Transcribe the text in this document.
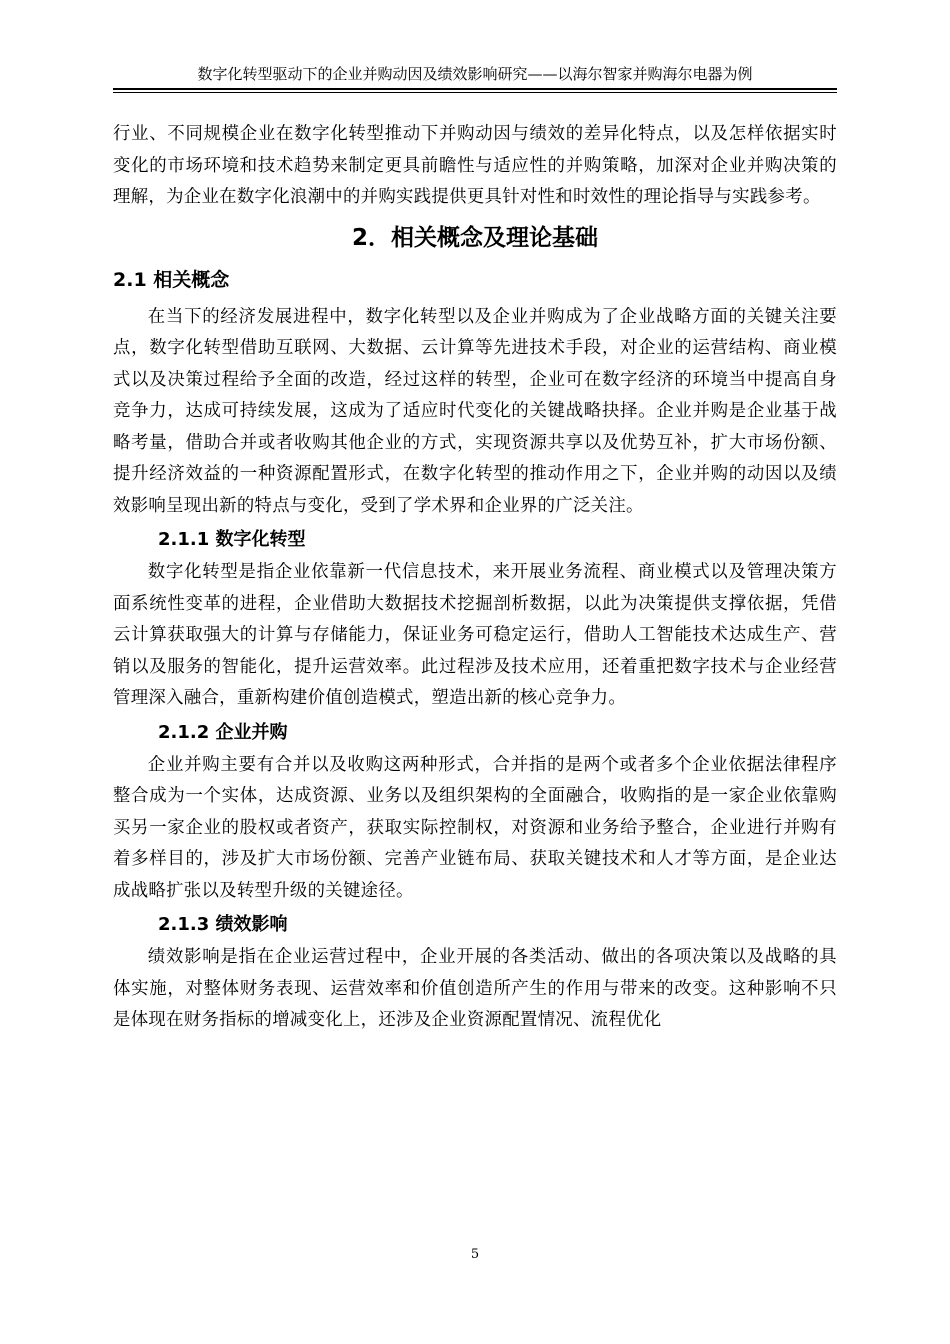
数字化转型驱动下的企业并购动因及绩效影响研究——以海尔智家并购海尔电器为例

行业、不同规模企业在数字化转型推动下并购动因与绩效的差异化特点，以及怎样依据实时变化的市场环境和技术趋势来制定更具前瞻性与适应性的并购策略，加深对企业并购决策的理解，为企业在数字化浪潮中的并购实践提供更具针对性和时效性的理论指导与实践参考。

2．相关概念及理论基础
2.1 相关概念

在当下的经济发展进程中，数字化转型以及企业并购成为了企业战略方面的关键关注要点，数字化转型借助互联网、大数据、云计算等先进技术手段，对企业的运营结构、商业模式以及决策过程给予全面的改造，经过这样的转型，企业可在数字经济的环境当中提高自身竞争力，达成可持续发展，这成为了适应时代变化的关键战略抉择。企业并购是企业基于战略考量，借助合并或者收购其他企业的方式，实现资源共享以及优势互补，扩大市场份额、提升经济效益的一种资源配置形式，在数字化转型的推动作用之下，企业并购的动因以及绩效影响呈现出新的特点与变化，受到了学术界和企业界的广泛关注。

2.1.1 数字化转型

数字化转型是指企业依靠新一代信息技术，来开展业务流程、商业模式以及管理决策方面系统性变革的进程，企业借助大数据技术挖掘剖析数据，以此为决策提供支撑依据，凭借云计算获取强大的计算与存储能力，保证业务可稳定运行，借助人工智能技术达成生产、营销以及服务的智能化，提升运营效率。此过程涉及技术应用，还着重把数字技术与企业经营管理深入融合，重新构建价值创造模式，塑造出新的核心竞争力。

2.1.2 企业并购

企业并购主要有合并以及收购这两种形式，合并指的是两个或者多个企业依据法律程序整合成为一个实体，达成资源、业务以及组织架构的全面融合，收购指的是一家企业依靠购买另一家企业的股权或者资产，获取实际控制权，对资源和业务给予整合，企业进行并购有着多样目的，涉及扩大市场份额、完善产业链布局、获取关键技术和人才等方面，是企业达成战略扩张以及转型升级的关键途径。

2.1.3 绩效影响

绩效影响是指在企业运营过程中，企业开展的各类活动、做出的各项决策以及战略的具体实施，对整体财务表现、运营效率和价值创造所产生的作用与带来的改变。这种影响不只是体现在财务指标的增减变化上，还涉及企业资源配置情况、流程优化

5
